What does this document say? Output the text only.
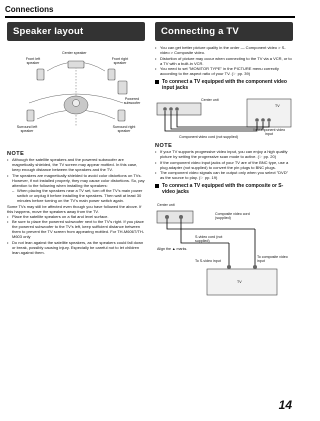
Connections
Speaker layout
Center speaker
Front left speaker
Front right speaker
Powered subwoofer
Surround left speaker
Surround right speaker
NOTE
• Although the satellite speakers and the powered subwoofer are magnetically shielded, the TV screen may appear mottled. In this case, keep enough distance between the speakers and the TV.
• The speakers are magnetically shielded to avoid color distortions on TVs. However, if not installed properly, they may cause color distortions. So, pay attention to the following when installing the speakers:
– When placing the speakers near a TV set, turn off the TV's main power switch or unplug it before installing the speakers. Then wait at least 30 minutes before turning on the TV's main power switch again.
Some TVs may still be affected even though you have followed the above. If this happens, move the speakers away from the TV.
• Place the satellite speakers on a flat and level surface.
• Be sure to place the powered subwoofer next to the TV's right. If you place the powered subwoofer to the TV's left, keep sufficient distance between them to prevent the TV screen from appearing mottled. For TH-M606T/TH-M603 only
• Do not lean against the satellite speakers, as the speakers could fall down or break, possibly causing injury. Especially be careful not to let children lean against them.
Connecting a TV
• You can get better picture quality in the order — Component video > S-video > Composite video.
• Distortion of picture may occur when connecting to the TV via a VCR, or to a TV with a built-in VCR.
• You need to set "MONITOR TYPE" in the PICTURE menu correctly according to the aspect ratio of your TV. (☞ pp. 39)
To connect a TV equipped with the component video input jacks
Center unit
TV
To component video input
Component video cord (not supplied)
NOTE
• If your TV supports progressive video input, you can enjoy a high quality picture by setting the progressive scan mode to active. (☞ pp. 20)
• If the component video input jacks of your TV are of the BNC type, use a plug adapter (not supplied) to convert the pin plugs to BNC plugs.
• The component video signals can be output only when you select "DVD" as the source to play. (☞ pp. 19)
To connect a TV equipped with the composite or S-video jacks
Center unit
Composite video cord (supplied)
S-video cord (not supplied)
Align the ▲ marks.
To S-video input
To composite video input
TV
14
